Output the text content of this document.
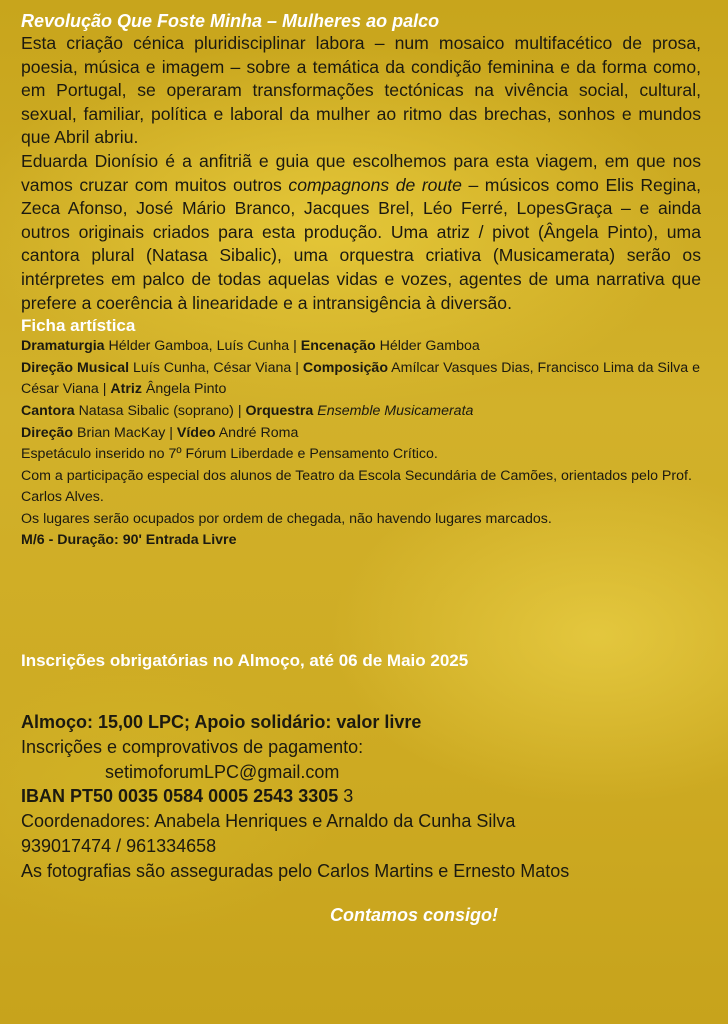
Revolução Que Foste Minha – Mulheres ao palco

Esta criação cénica pluridisciplinar labora – num mosaico multifacético de prosa, poesia, música e imagem – sobre a temática da condição feminina e da forma como, em Portugal, se operaram transformações tectónicas na vivência social, cultural, sexual, familiar, política e laboral da mulher ao ritmo das brechas, sonhos e mundos que Abril abriu.

Eduarda Dionísio é a anfitriã e guia que escolhemos para esta viagem, em que nos vamos cruzar com muitos outros compagnons de route – músicos como Elis Regina, Zeca Afonso, José Mário Branco, Jacques Brel, Léo Ferré, LopesGraça – e ainda outros originais criados para esta produção. Uma atriz / pivot (Ângela Pinto), uma cantora plural (Natasa Sibalic), uma orquestra criativa (Musicamerata) serão os intérpretes em palco de todas aquelas vidas e vozes, agentes de uma narrativa que prefere a coerência à linearidade e a intransigência à diversão.

Ficha artística

Dramaturgia Hélder Gamboa, Luís Cunha | Encenação Hélder Gamboa

Direção Musical Luís Cunha, César Viana | Composição Amílcar Vasques Dias, Francisco Lima da Silva e César Viana | Atriz Ângela Pinto

Cantora Natasa Sibalic (soprano) | Orquestra Ensemble Musicamerata

Direção Brian MacKay | Vídeo André Roma

Espetáculo inserido no 7º Fórum Liberdade e Pensamento Crítico.

Com a participação especial dos alunos de Teatro da Escola Secundária de Camões, orientados pelo Prof. Carlos Alves.

Os lugares serão ocupados por ordem de chegada, não havendo lugares marcados.

M/6 - Duração: 90' Entrada Livre

Inscrições obrigatórias no Almoço, até 06 de Maio 2025

Almoço: 15,00 LPC; Apoio solidário: valor livre

Inscrições e comprovativos de pagamento:

setimoforumLPC@gmail.com

IBAN PT50 0035 0584 0005 2543 3305 3

Coordenadores: Anabela Henriques e Arnaldo da Cunha Silva

939017474 / 961334658

As fotografias são asseguradas pelo Carlos Martins e Ernesto Matos

Contamos consigo!
